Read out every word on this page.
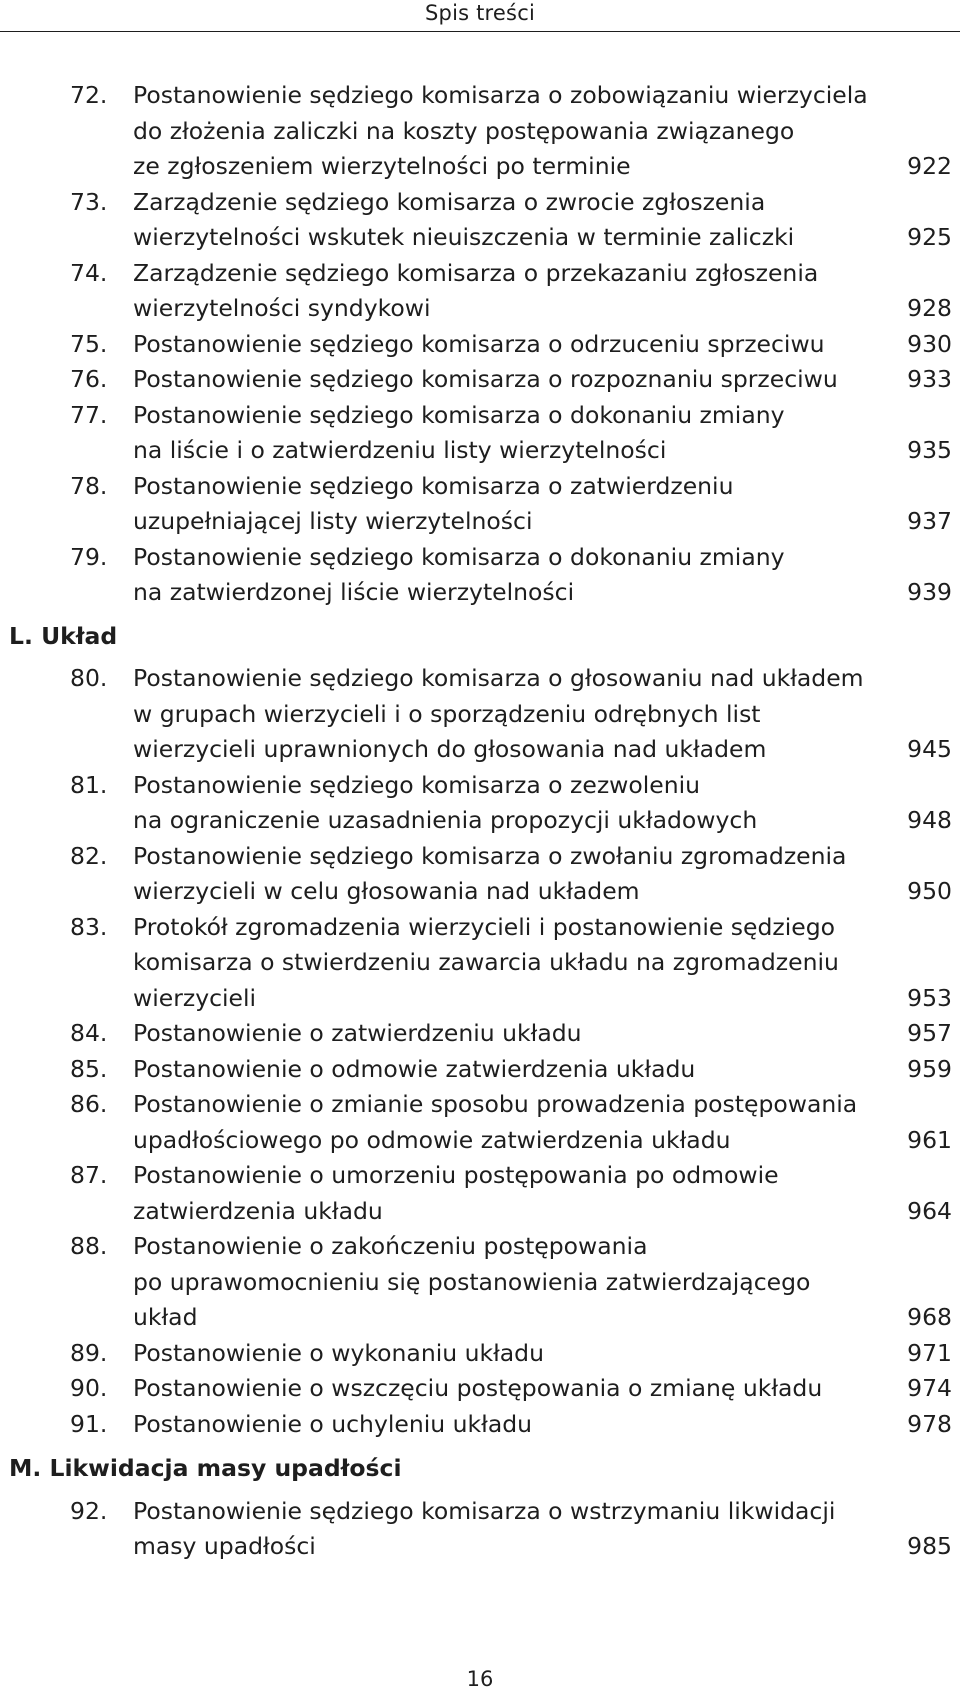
Spis treści
72.	Postanowienie sędziego komisarza o zobowiązaniu wierzyciela
do złożenia zaliczki na koszty postępowania związanego
ze zgłoszeniem wierzytelności po terminie	922
73.	Zarządzenie sędziego komisarza o zwrocie zgłoszenia
wierzytelności wskutek nieuiszczenia w terminie zaliczki	925
74.	Zarządzenie sędziego komisarza o przekazaniu zgłoszenia
wierzytelności syndykowi	928
75.	Postanowienie sędziego komisarza o odrzuceniu sprzeciwu	930
76.	Postanowienie sędziego komisarza o rozpoznaniu sprzeciwu	933
77.	Postanowienie sędziego komisarza o dokonaniu zmiany
na liście i o zatwierdzeniu listy wierzytelności	935
78.	Postanowienie sędziego komisarza o zatwierdzeniu
uzupełniającej listy wierzytelności	937
79.	Postanowienie sędziego komisarza o dokonaniu zmiany
na zatwierdzonej liście wierzytelności	939
L. Układ
80.	Postanowienie sędziego komisarza o głosowaniu nad układem
w grupach wierzycieli i o sporządzeniu odrębnych list
wierzycieli uprawnionych do głosowania nad układem	945
81.	Postanowienie sędziego komisarza o zezwoleniu
na ograniczenie uzasadnienia propozycji układowych	948
82.	Postanowienie sędziego komisarza o zwołaniu zgromadzenia
wierzycieli w celu głosowania nad układem	950
83.	Protokół zgromadzenia wierzycieli i postanowienie sędziego
komisarza o stwierdzeniu zawarcia układu na zgromadzeniu
wierzycieli	953
84.	Postanowienie o zatwierdzeniu układu	957
85.	Postanowienie o odmowie zatwierdzenia układu	959
86.	Postanowienie o zmianie sposobu prowadzenia postępowania
upadłościowego po odmowie zatwierdzenia układu	961
87.	Postanowienie o umorzeniu postępowania po odmowie
zatwierdzenia układu	964
88.	Postanowienie o zakończeniu postępowania
po uprawomocnieniu się postanowienia zatwierdzającego
układ	968
89.	Postanowienie o wykonaniu układu	971
90.	Postanowienie o wszczęciu postępowania o zmianę układu	974
91.	Postanowienie o uchyleniu układu	978
M. Likwidacja masy upadłości
92.	Postanowienie sędziego komisarza o wstrzymaniu likwidacji
masy upadłości	985
16
